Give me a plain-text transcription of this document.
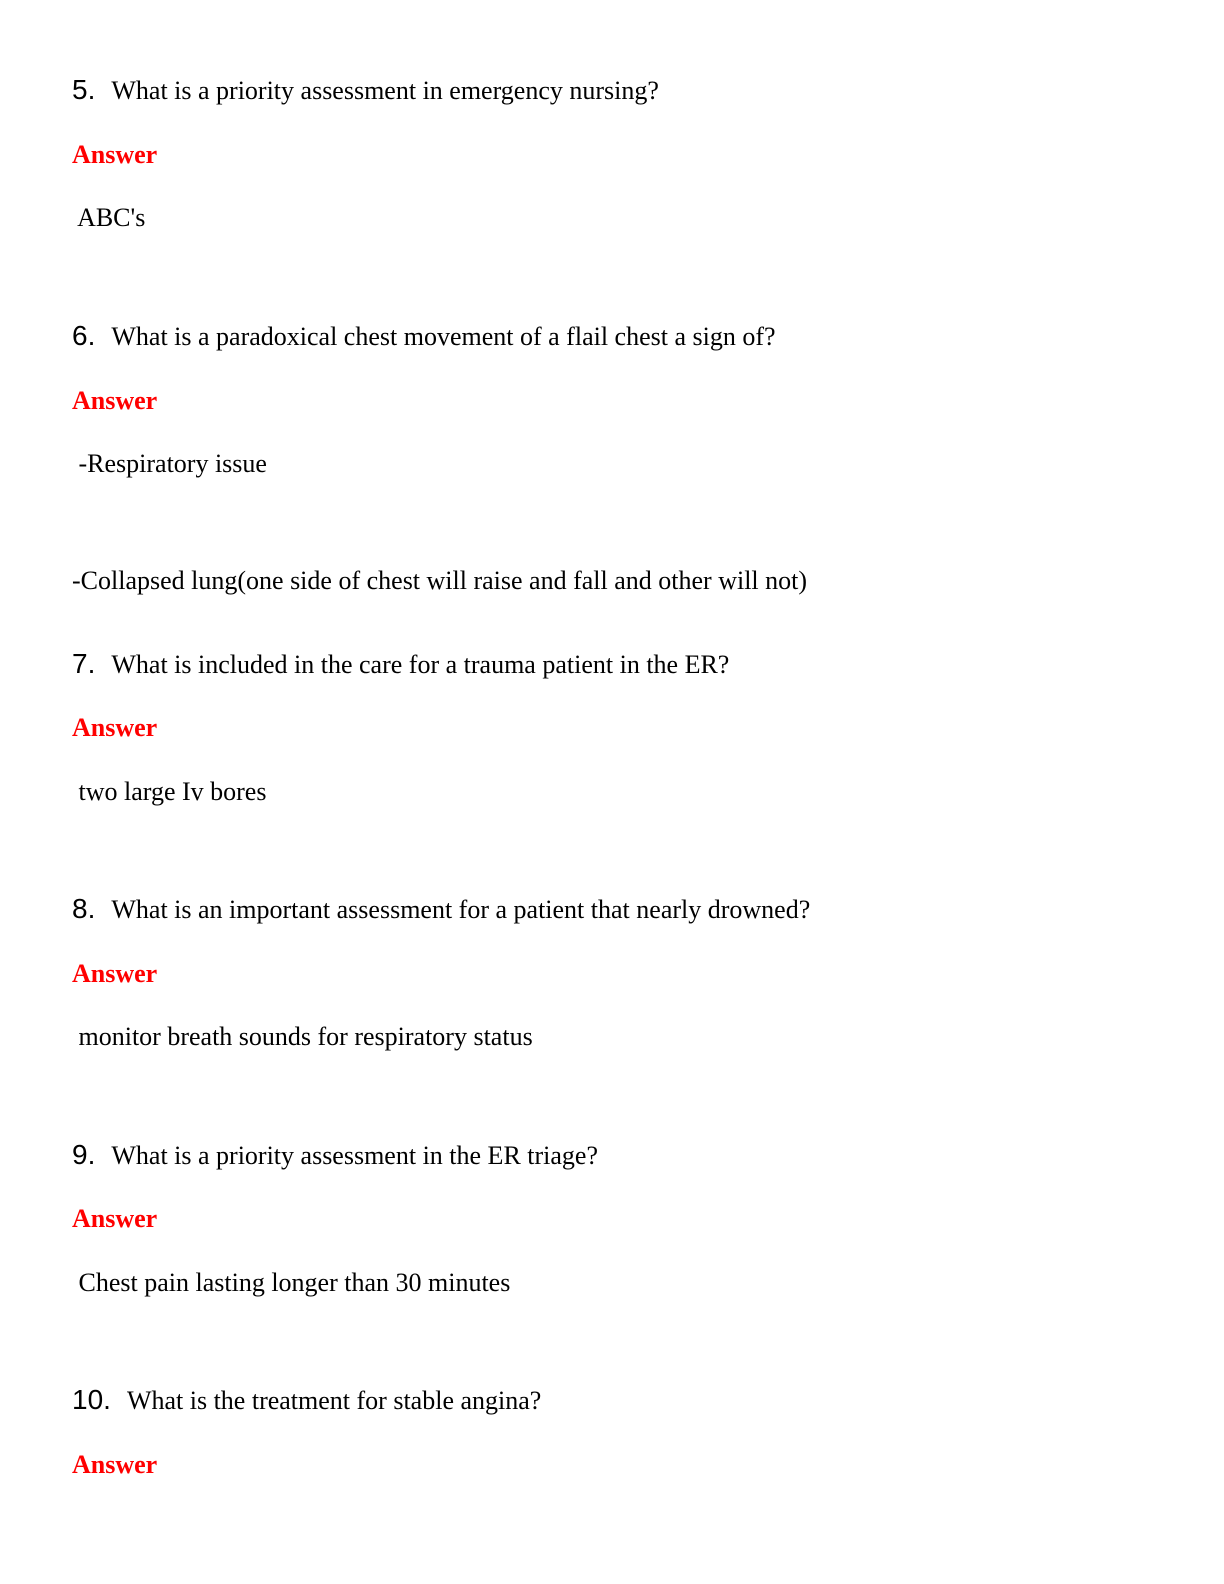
5. What is a priority assessment in emergency nursing?
Answer
ABC's
6. What is a paradoxical chest movement of a flail chest a sign of?
Answer
-Respiratory issue
-Collapsed lung(one side of chest will raise and fall and other will not)
7. What is included in the care for a trauma patient in the ER?
Answer
two large Iv bores
8. What is an important assessment for a patient that nearly drowned?
Answer
monitor breath sounds for respiratory status
9. What is a priority assessment in the ER triage?
Answer
Chest pain lasting longer than 30 minutes
10. What is the treatment for stable angina?
Answer
